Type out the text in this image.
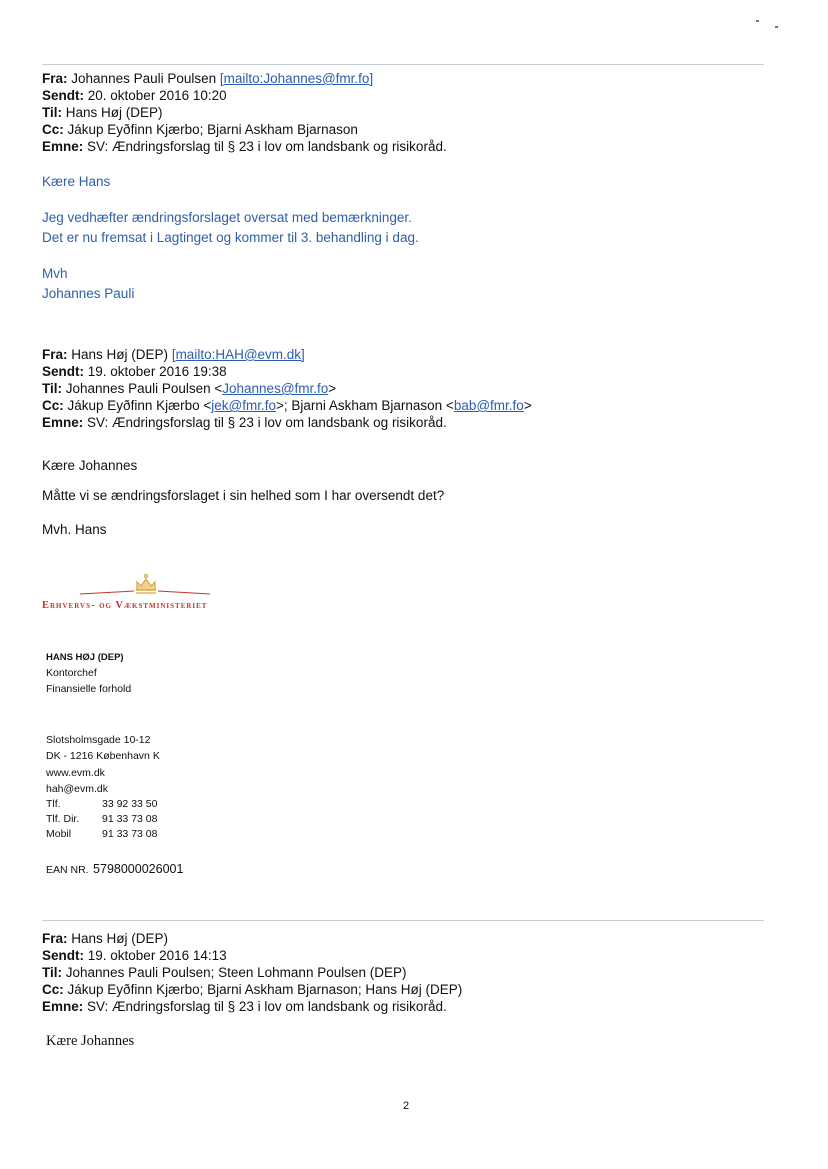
Fra: Johannes Pauli Poulsen [mailto:Johannes@fmr.fo]
Sendt: 20. oktober 2016 10:20
Til: Hans Høj (DEP)
Cc: Jákup Eyðfinn Kjærbo; Bjarni Askham Bjarnason
Emne: SV: Ændringsforslag til § 23 i lov om landsbank og risikoråd.
Kære Hans
Jeg vedhæfter ændringsforslaget oversat med bemærkninger.
Det er nu fremsat i Lagtinget og kommer til 3. behandling i dag.
Mvh
Johannes Pauli
Fra: Hans Høj (DEP) [mailto:HAH@evm.dk]
Sendt: 19. oktober 2016 19:38
Til: Johannes Pauli Poulsen <Johannes@fmr.fo>
Cc: Jákup Eyðfinn Kjærbo <jek@fmr.fo>; Bjarni Askham Bjarnason <bab@fmr.fo>
Emne: SV: Ændringsforslag til § 23 i lov om landsbank og risikoråd.
Kære Johannes
Måtte vi se ændringsforslaget i sin helhed som I har oversendt det?
Mvh. Hans
Erhvervs- og Vækstministeriet
HANS HØJ (DEP)
Kontorchef
Finansielle forhold
Slotsholmsgade 10-12
DK - 1216 København K
www.evm.dk
hah@evm.dk
Tlf.	33 92 33 50
Tlf. Dir. 91 33 73 08
Mobil	91 33 73 08
EAN NR. 5798000026001
Fra: Hans Høj (DEP)
Sendt: 19. oktober 2016 14:13
Til: Johannes Pauli Poulsen; Steen Lohmann Poulsen (DEP)
Cc: Jákup Eyðfinn Kjærbo; Bjarni Askham Bjarnason; Hans Høj (DEP)
Emne: SV: Ændringsforslag til § 23 i lov om landsbank og risikoråd.
Kære Johannes
2
